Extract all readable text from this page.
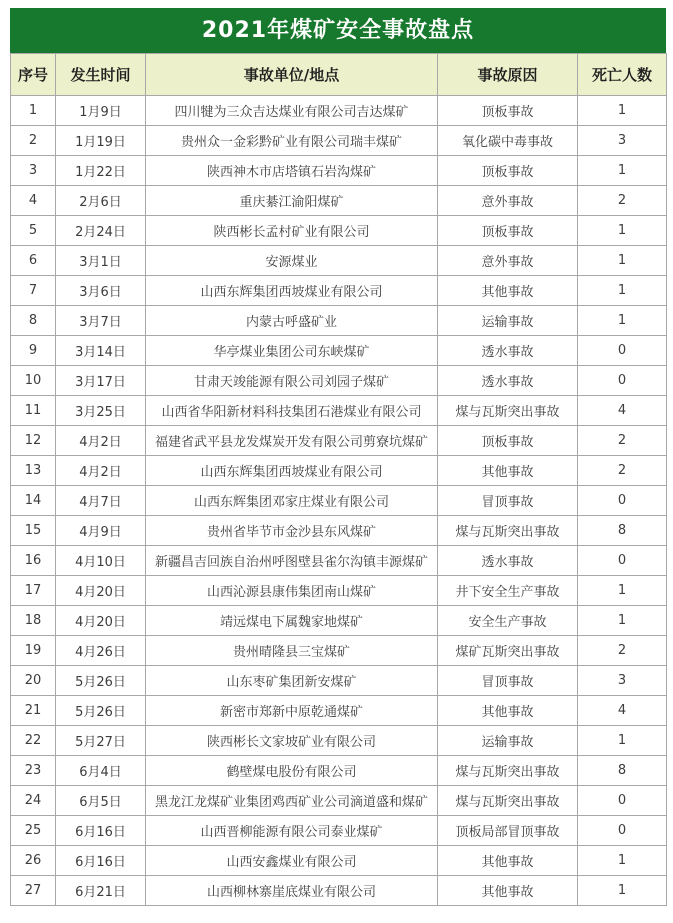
2021年煤矿安全事故盘点
序号	发生时间	事故单位/地点	事故原因	死亡人数
1	1月9日	四川犍为三众吉达煤业有限公司吉达煤矿	顶板事故	1
2	1月19日	贵州众一金彩黔矿业有限公司瑞丰煤矿	氧化碳中毒事故	3
3	1月22日	陕西神木市店塔镇石岩沟煤矿	顶板事故	1
4	2月6日	重庆綦江渝阳煤矿	意外事故	2
5	2月24日	陕西彬长孟村矿业有限公司	顶板事故	1
6	3月1日	安源煤业	意外事故	1
7	3月6日	山西东辉集团西坡煤业有限公司	其他事故	1
8	3月7日	内蒙古呼盛矿业	运输事故	1
9	3月14日	华亭煤业集团公司东峡煤矿	透水事故	0
10	3月17日	甘肃天竣能源有限公司刘园子煤矿	透水事故	0
11	3月25日	山西省华阳新材料科技集团石港煤业有限公司	煤与瓦斯突出事故	4
12	4月2日	福建省武平县龙发煤炭开发有限公司剪寮坑煤矿	顶板事故	2
13	4月2日	山西东辉集团西坡煤业有限公司	其他事故	2
14	4月7日	山西东辉集团邓家庄煤业有限公司	冒顶事故	0
15	4月9日	贵州省毕节市金沙县东风煤矿	煤与瓦斯突出事故	8
16	4月10日	新疆昌吉回族自治州呼图壁县雀尔沟镇丰源煤矿	透水事故	0
17	4月20日	山西沁源县康伟集团南山煤矿	井下安全生产事故	1
18	4月20日	靖远煤电下属魏家地煤矿	安全生产事故	1
19	4月26日	贵州晴隆县三宝煤矿	煤矿瓦斯突出事故	2
20	5月26日	山东枣矿集团新安煤矿	冒顶事故	3
21	5月26日	新密市郑新中原乾通煤矿	其他事故	4
22	5月27日	陕西彬长文家坡矿业有限公司	运输事故	1
23	6月4日	鹤壁煤电股份有限公司	煤与瓦斯突出事故	8
24	6月5日	黑龙江龙煤矿业集团鸡西矿业公司滴道盛和煤矿	煤与瓦斯突出事故	0
25	6月16日	山西晋柳能源有限公司泰业煤矿	顶板局部冒顶事故	0
26	6月16日	山西安鑫煤业有限公司	其他事故	1
27	6月21日	山西柳林寨崖底煤业有限公司	其他事故	1
